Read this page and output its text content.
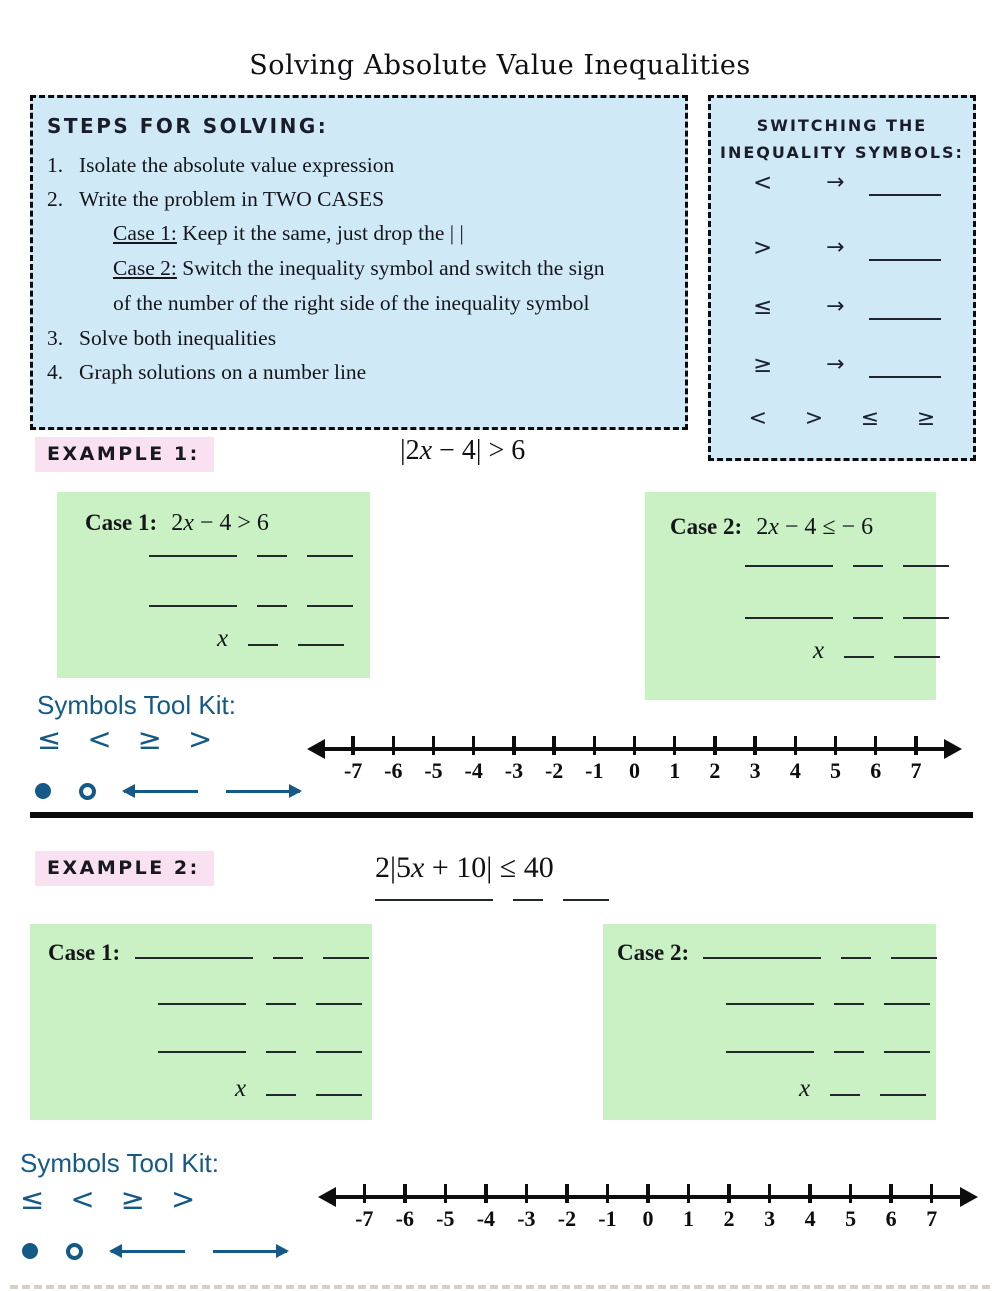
Solving Absolute Value Inequalities
STEPS FOR SOLVING:
1. Isolate the absolute value expression
2. Write the problem in TWO CASES
Case 1: Keep it the same, just drop the | |
Case 2: Switch the inequality symbol and switch the sign
of the number of the right side of the inequality symbol
3. Solve both inequalities
4. Graph solutions on a number line
SWITCHING THE
INEQUALITY SYMBOLS:
< →
> →
≤ →
≥ →
< > ≤ ≥
EXAMPLE 1:	|2x − 4| > 6
Case 1: 2x − 4 > 6
x
Case 2: 2x − 4 ≤ − 6
x
Symbols Tool Kit:
≤ < ≥ >
-7 -6 -5 -4 -3 -2 -1	0	1	2	3	4	5	6	7
EXAMPLE 2:	2|5x + 10| ≤ 40
Case 1:
x
Case 2:
x
Symbols Tool Kit:
≤ < ≥ >
-7	-6	-5	-4	-3	-2	-1	0	1	2	3	4	5	6	7
